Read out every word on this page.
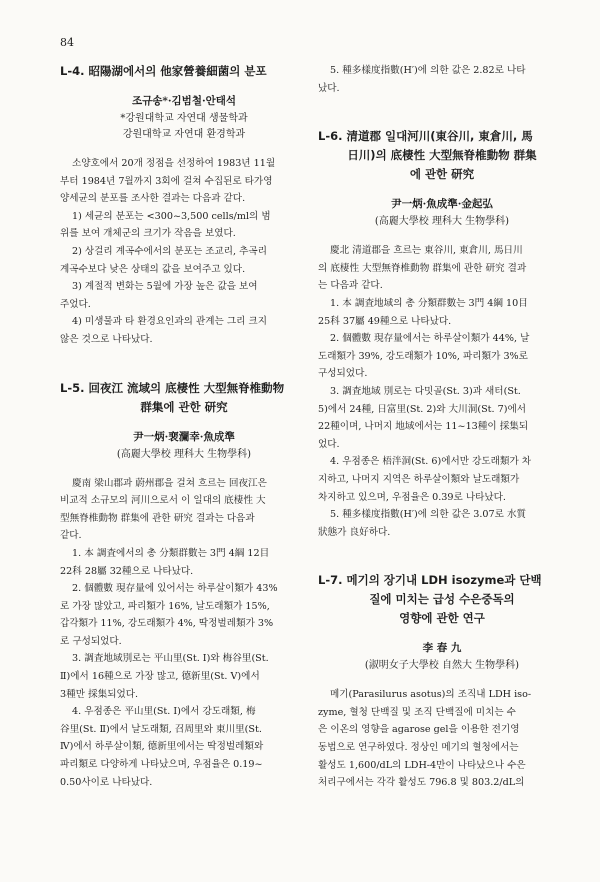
84
L-4. 昭陽湖에서의 他家營養細菌의 분포
조규송*·김범철·안태석

*강원대학교 자연대 생물학과

강원대학교 자연대 환경학과

소양호에서 20개 정점을 선정하여 1983년 11월
부터 1984년 7월까지 3회에 걸쳐 수집된로 타가영
양세균의 분포를 조사한 결과는 다음과 같다.

1) 세균의 분포는 <300~3,500 cells/ml의 범
위를 보여 개체군의 크기가 작음을 보였다.

2) 상걸리 계곡수에서의 분포는 조교리, 추곡리
계곡수보다 낮은 상태의 값을 보여주고 있다.

3) 계절적 변화는 5월에 가장 높은 값을 보여
주었다.

4) 미생물과 타 환경요인과의 관계는 그리 크지
않은 것으로 나타났다.

L-5. 回夜江 流域의 底棲性 大型無脊椎動物
群集에 관한 研究
尹一炳·裵瀾幸·魚成準

(高麗大學校 理科大 生物學科)

慶南 梁山郡과 蔚州郡을 걸쳐 흐르는 回夜江은
비교적 소규모의 河川으로서 이 일대의 底棲性 大
型無脊椎動物 群集에 관한 研究 결과는 다음과
같다.

1. 本 調査에서의 총 分類群數는 3門 4綱 12目
22科 28屬 32種으로 나타났다.

2. 個體數 現存量에 있어서는 하루살이類가 43%
로 가장 많았고, 파리類가 16%, 날도래類가 15%,
갑각類가 11%, 강도래類가 4%, 딱정벌레類가 3%
로 구성되었다.

3. 調査地域別로는 平山里(St. Ⅰ)와 梅谷里(St.
Ⅱ)에서 16種으로 가장 많고, 德新里(St. Ⅴ)에서
3種만 採集되었다.

4. 우점종은 平山里(St. Ⅰ)에서 강도래類, 梅
谷里(St. Ⅱ)에서 날도래類, 召周里와 東川里(St.
Ⅳ)에서 하루살이類, 德新里에서는 딱정벌레類와
파리類로 다양하게 나타났으며, 우점율은 0.19~
0.50사이로 나타났다.

5. 種多樣度指數(H′)에 의한 값은 2.82로 나타
났다.

L-6. 清道郡 일대河川(東谷川, 東倉川, 馬
日川)의 底棲性 大型無脊椎動物 群集
에 관한 研究
尹一炳·魚成準·金起弘

(高麗大學校 理科大 生物學科)

慶北 清道郡을 흐르는 東谷川, 東倉川, 馬日川
의 底棲性 大型無脊椎動物 群集에 관한 研究 결과
는 다음과 같다.

1. 本 調査地域의 총 分類群數는 3門 4綱 10目
25科 37屬 49種으로 나타났다.

2. 個體數 現存量에서는 하루살이類가 44%, 날
도래類가 39%, 강도래類가 10%, 파리類가 3%로
구성되었다.

3. 調査地域 別로는 다밋골(St. 3)과 새터(St.
5)에서 24種, 日富里(St. 2)와 大川洞(St. 7)에서
22種이며, 나머지 地域에서는 11~13種이 採集되
었다.

4. 우점종은 梧泮洞(St. 6)에서만 강도래類가 차
지하고, 나머지 지역은 하루살이類와 날도래類가
차지하고 있으며, 우점율은 0.39로 나타났다.

5. 種多樣度指數(H′)에 의한 값은 3.07로 水質
狀態가 良好하다.

L-7. 메기의 장기내 LDH isozyme과 단백
질에 미치는 급성 수은중독의
영향에 관한 연구
李 春 九

(淑明女子大學校 自然大 生物學科)

메기(Parasilurus asotus)의 조직내 LDH iso-
zyme, 혈청 단백질 및 조직 단백질에 미치는 수
은 이온의 영향을 agarose gel을 이용한 전기영
동법으로 연구하였다. 정상인 메기의 혈청에서는
활성도 1,600/dL의 LDH-4만이 나타났으나 수은
처리구에서는 각각 활성도 796.8 및 803.2/dL의
